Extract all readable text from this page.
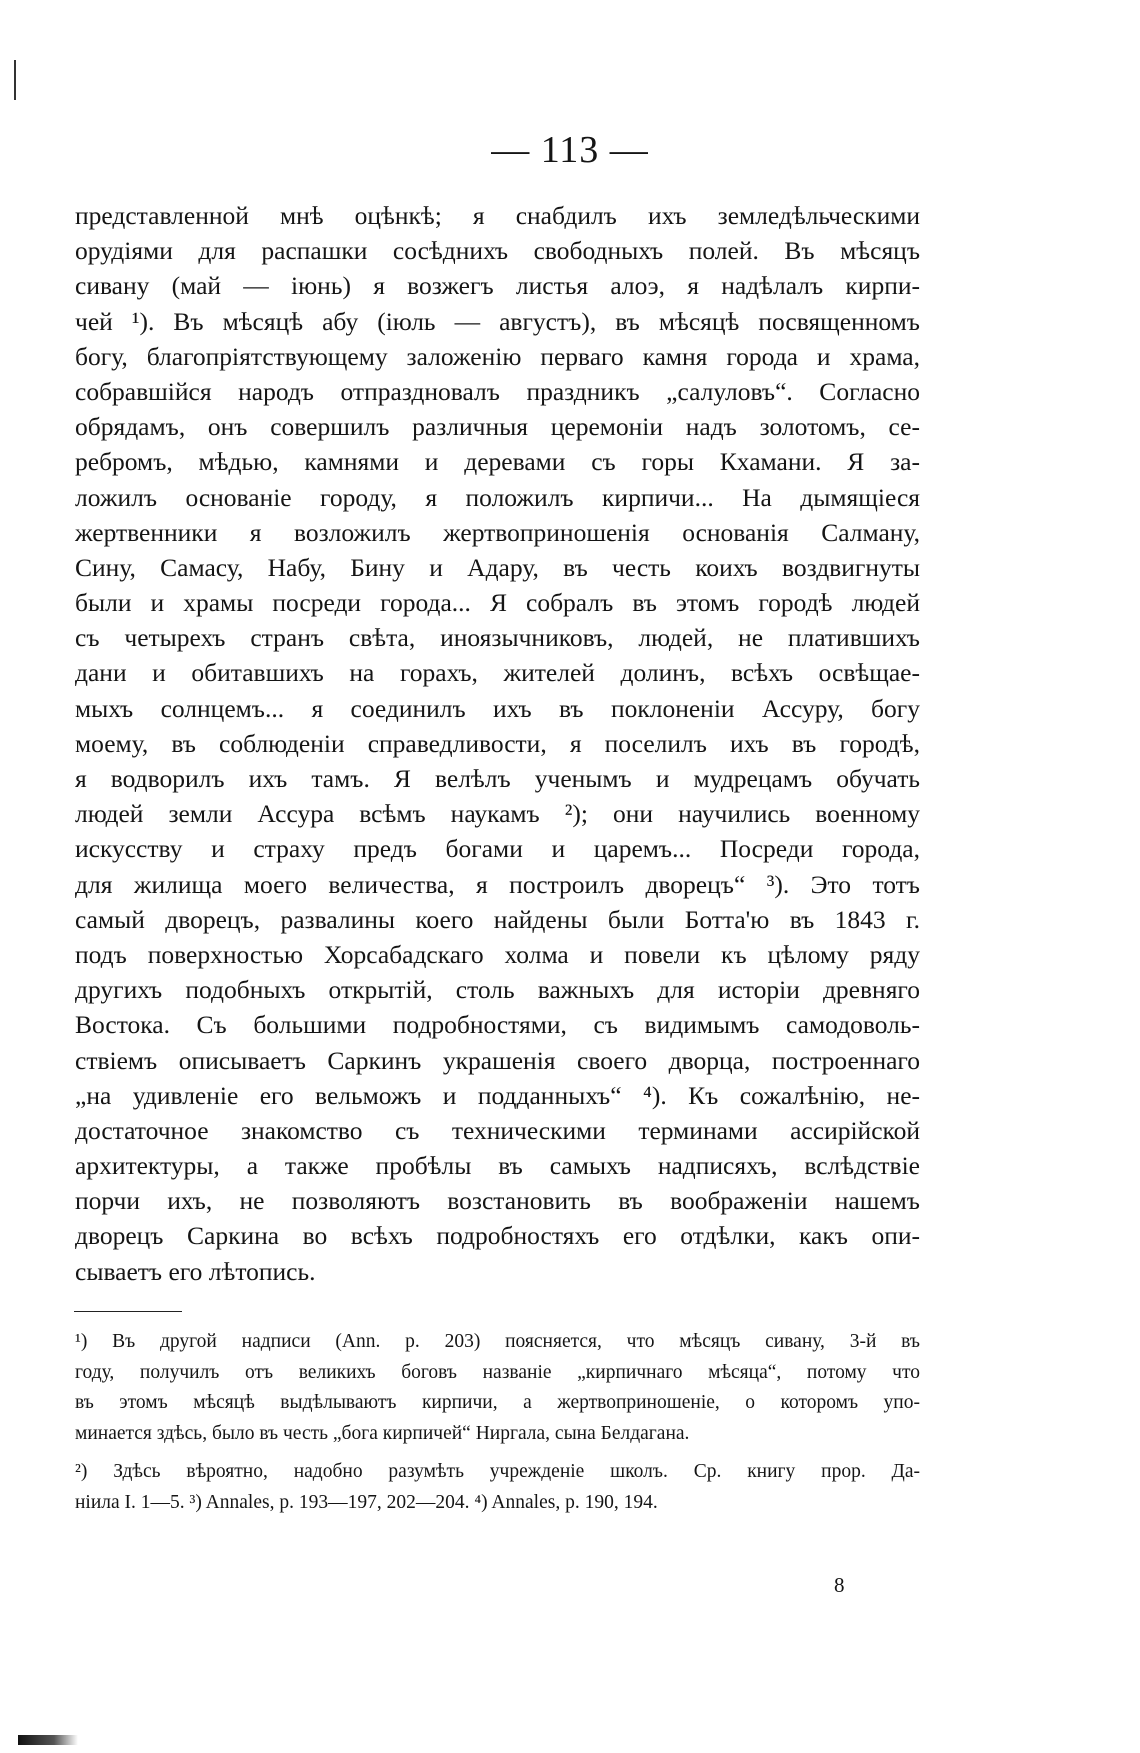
— 113 —
представленной мнѣ оцѣнкѣ; я снабдилъ ихъ земледѣльческими
орудіями для распашки сосѣднихъ свободныхъ полей. Въ мѣсяцъ
сивану (май — іюнь) я возжегъ листья алоэ, я надѣлалъ кирпи-
чей ¹). Въ мѣсяцѣ абу (іюль — августъ), въ мѣсяцѣ посвященномъ
богу, благопріятствующему заложенію перваго камня города и храма,
собравшійся народъ отпраздновалъ праздникъ „салуловъ“. Согласно
обрядамъ, онъ совершилъ различныя церемоніи надъ золотомъ, се-
ребромъ, мѣдью, камнями и деревами съ горы Кхамани. Я за-
ложилъ основаніе городу, я положилъ кирпичи... На дымящіеся
жертвенники я возложилъ жертвоприношенія основанія Салману,
Сину, Самасу, Набу, Бину и Адару, въ честь коихъ воздвигнуты
были и храмы посреди города... Я собралъ въ этомъ городѣ людей
съ четырехъ странъ свѣта, иноязычниковъ, людей, не платившихъ
дани и обитавшихъ на горахъ, жителей долинъ, всѣхъ освѣщае-
мыхъ солнцемъ... я соединилъ ихъ въ поклоненіи Ассуру, богу
моему, въ соблюденіи справедливости, я поселилъ ихъ въ городѣ,
я водворилъ ихъ тамъ. Я велѣлъ ученымъ и мудрецамъ обучать
людей земли Ассура всѣмъ наукамъ ²); они научились военному
искусству и страху предъ богами и царемъ... Посреди города,
для жилища моего величества, я построилъ дворецъ“ ³). Это тотъ
самый дворецъ, развалины коего найдены были Ботта'ю въ 1843 г.
подъ поверхностью Хорсабадскаго холма и повели къ цѣлому ряду
другихъ подобныхъ открытій, столь важныхъ для исторіи древняго
Востока. Съ большими подробностями, съ видимымъ самодоволь-
ствіемъ описываетъ Саркинъ украшенія своего дворца, построеннаго
„на удивленіе его вельможъ и подданныхъ“ ⁴). Къ сожалѣнію, не-
достаточное знакомство съ техническими терминами ассирійской
архитектуры, а также пробѣлы въ самыхъ надписяхъ, вслѣдствіе
порчи ихъ, не позволяютъ возстановить въ воображеніи нашемъ
дворецъ Саркина во всѣхъ подробностяхъ его отдѣлки, какъ опи-
сываетъ его лѣтопись.
¹) Въ другой надписи (Ann. p. 203) поясняется, что мѣсяцъ сивану, 3-й въ
году, получилъ отъ великихъ боговъ названіе „кирпичнаго мѣсяца“, потому что
въ этомъ мѣсяцѣ выдѣлываютъ кирпичи, а жертвоприношеніе, о которомъ упо-
минается здѣсь, было въ честь „бога кирпичей“ Ниргала, сына Белдагана.
²) Здѣсь вѣроятно, надобно разумѣть учрежденіе школъ. Ср. книгу прор. Да-
ніила I. 1—5. ³) Annales, p. 193—197, 202—204. ⁴) Annales, p. 190, 194.
8
